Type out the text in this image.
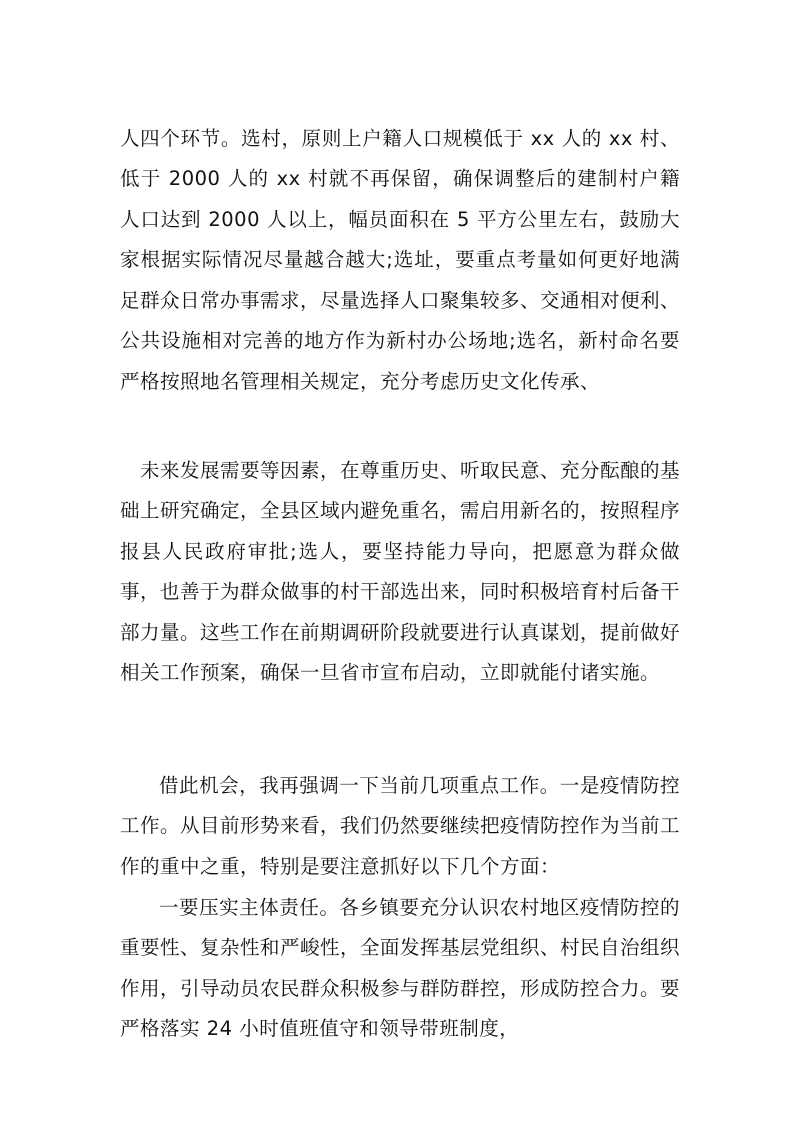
人四个环节。选村，原则上户籍人口规模低于 xx 人的 xx 村、低于 2000 人的 xx 村就不再保留，确保调整后的建制村户籍人口达到 2000 人以上，幅员面积在 5 平方公里左右，鼓励大家根据实际情况尽量越合越大;选址，要重点考量如何更好地满足群众日常办事需求，尽量选择人口聚集较多、交通相对便利、公共设施相对完善的地方作为新村办公场地;选名，新村命名要严格按照地名管理相关规定，充分考虑历史文化传承、

未来发展需要等因素，在尊重历史、听取民意、充分酝酿的基础上研究确定，全县区域内避免重名，需启用新名的，按照程序报县人民政府审批;选人，要坚持能力导向，把愿意为群众做事，也善于为群众做事的村干部选出来，同时积极培育村后备干部力量。这些工作在前期调研阶段就要进行认真谋划，提前做好相关工作预案，确保一旦省市宣布启动，立即就能付诸实施。

借此机会，我再强调一下当前几项重点工作。一是疫情防控工作。从目前形势来看，我们仍然要继续把疫情防控作为当前工作的重中之重，特别是要注意抓好以下几个方面：

一要压实主体责任。各乡镇要充分认识农村地区疫情防控的重要性、复杂性和严峻性，全面发挥基层党组织、村民自治组织作用，引导动员农民群众积极参与群防群控，形成防控合力。要严格落实 24 小时值班值守和领导带班制度，
